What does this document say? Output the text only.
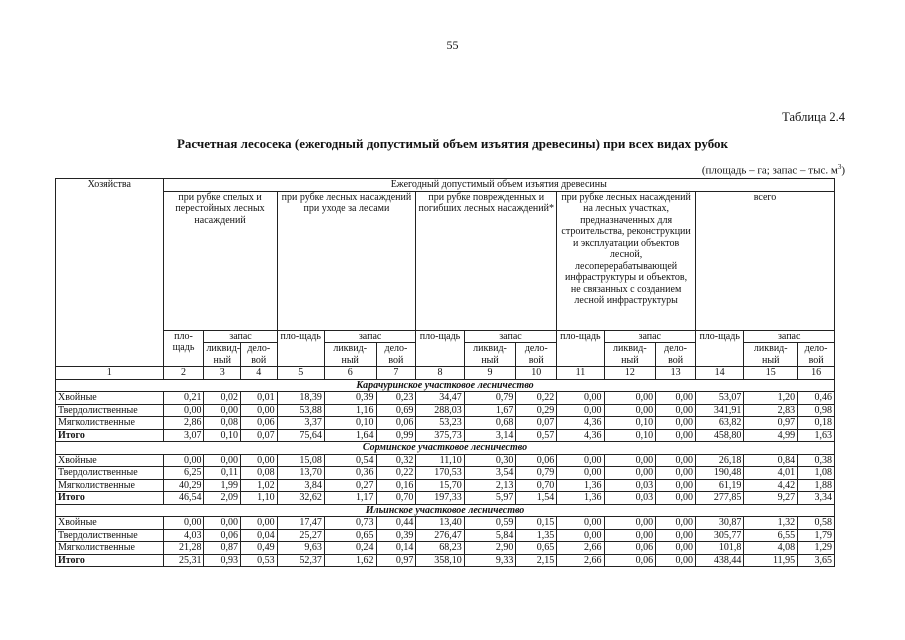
55
Таблица 2.4
Расчетная лесосека (ежегодный допустимый объем изъятия древесины) при всех видах рубок
(площадь – га; запас – тыс. $м^3$)
Хозяйства	Ежегодный допустимый объем изъятия древесины														
	при рубке спелых и перестойных лесных насаждений			при рубке лесных насаждений при уходе за лесами			при рубке поврежденных и погибших лесных насаждений*			при рубке лесных насаждений на лесных участках, предназначенных для строительства, реконструкции и эксплуатации объектов лесной, лесоперерабатывающей инфраструктуры и объектов, не связанных с созданием лесной инфраструктуры			всего		
	пло-щадь	запас		пло-щадь	запас		пло-щадь	запас		пло-щадь	запас		пло-щадь	запас	
		ликвид-ный	дело-вой		ликвид-ный	дело-вой		ликвид-ный	дело-вой		ликвид-ный	дело-вой		ликвид-ный	дело-вой
1	2	3	4	5	6	7	8	9	10	11	12	13	14	15	16
Карачуринское участковое лесничество															
Хвойные	0,21	0,02	0,01	18,39	0,39	0,23	34,47	0,79	0,22	0,00	0,00	0,00	53,07	1,20	0,46
Твердолиственные	0,00	0,00	0,00	53,88	1,16	0,69	288,03	1,67	0,29	0,00	0,00	0,00	341,91	2,83	0,98
Мягколиственные	2,86	0,08	0,06	3,37	0,10	0,06	53,23	0,68	0,07	4,36	0,10	0,00	63,82	0,97	0,18
Итого	3,07	0,10	0,07	75,64	1,64	0,99	375,73	3,14	0,57	4,36	0,10	0,00	458,80	4,99	1,63
Сорминское участковое лесничество															
Хвойные	0,00	0,00	0,00	15,08	0,54	0,32	11,10	0,30	0,06	0,00	0,00	0,00	26,18	0,84	0,38
Твердолиственные	6,25	0,11	0,08	13,70	0,36	0,22	170,53	3,54	0,79	0,00	0,00	0,00	190,48	4,01	1,08
Мягколиственные	40,29	1,99	1,02	3,84	0,27	0,16	15,70	2,13	0,70	1,36	0,03	0,00	61,19	4,42	1,88
Итого	46,54	2,09	1,10	32,62	1,17	0,70	197,33	5,97	1,54	1,36	0,03	0,00	277,85	9,27	3,34
Ильинское участковое лесничество															
Хвойные	0,00	0,00	0,00	17,47	0,73	0,44	13,40	0,59	0,15	0,00	0,00	0,00	30,87	1,32	0,58
Твердолиственные	4,03	0,06	0,04	25,27	0,65	0,39	276,47	5,84	1,35	0,00	0,00	0,00	305,77	6,55	1,79
Мягколиственные	21,28	0,87	0,49	9,63	0,24	0,14	68,23	2,90	0,65	2,66	0,06	0,00	101,8	4,08	1,29
Итого	25,31	0,93	0,53	52,37	1,62	0,97	358,10	9,33	2,15	2,66	0,06	0,00	438,44	11,95	3,65
